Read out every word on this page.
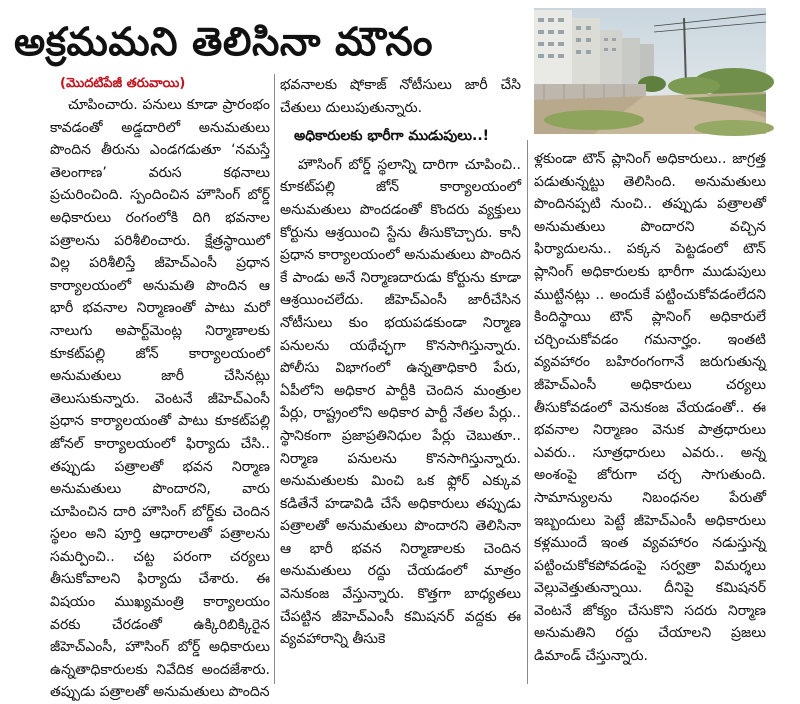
అక్రమమని తెలిసినా మౌనం
(మొదటిపేజీ తరువాయి)

చూపించారు. పనులు కూడా ప్రారంభం కావడంతో అడ్డదారిలో అనుమతులు పొందిన తీరును ఎండగడుతూ ‘నమస్తే తెలంగాణ’ వరుస కథనాలు ప్రచురించింది. స్పందించిన హౌసింగ్ బోర్డ్ అధికారులు రంగంలోకి దిగి భవనాల పత్రాలను పరిశీలించారు. క్షేత్రస్థాయిలో విల్ల పరిశీలిస్తే జీహెచ్‌ఎంసీ ప్రధాన కార్యాలయంలో అనుమతి పొందిన ఆ భారీ భవనాల నిర్మాణంతో పాటు మరో నాలుగు అపార్ట్‌మెంట్ల నిర్మాణాలకు కూకట్‌పల్లి జోన్ కార్యాలయంలో అనుమతులు జారీ చేసినట్లు తెలుసుకున్నారు. వెంటనే జీహెచ్‌ఎంసీ ప్రధాన కార్యాలయంతో పాటు కూకట్‌పల్లి జోనల్ కార్యాలయంలో ఫిర్యాదు చేసి.. తప్పుడు పత్రాలతో భవన నిర్మాణ అనుమతులు పొందారని, వారు చూపించిన దారి హౌసింగ్ బోర్డ్‌కు చెందిన స్థలం అని పూర్తి ఆధారాలతో పత్రాలను సమర్పించి.. చట్ట పరంగా చర్యలు తీసుకోవాలని ఫిర్యాదు చేశారు. ఈ విషయం ముఖ్యమంత్రి కార్యాలయం వరకు చేరడంతో ఉక్కిరిబిక్కిరైన జీహెచ్‌ఎంసీ, హౌసింగ్ బోర్డ్ అధికారులు ఉన్నతాధికారులకు నివేదిక అందజేశారు. తప్పుడు పత్రాలతో అనుమతులు పొందిన

భవనాలకు షోకాజ్ నోటీసులు జారీ చేసి చేతులు దులుపుతున్నారు.

అధికారులకు భారీగా ముడుపులు..!

హౌసింగ్ బోర్డ్ స్థలాన్ని దారిగా చూపించి.. కూకట్‌పల్లి జోన్ కార్యాలయంలో అనుమతులు పొందడంతో కొందరు వ్యక్తులు కోర్టును ఆశ్రయించి స్టేను తీసుకొచ్చారు. కానీ ప్రధాన కార్యాలయంలో అనుమతులు పొందిన కే పాండు అనే నిర్మాణదారుడు కోర్టును కూడా ఆశ్రయించలేదు. జీహెచ్‌ఎంసీ జారీచేసిన నోటీసులు కుం భయపడకుండా నిర్మాణ పనులను యథేచ్ఛగా కొనసాగిస్తున్నారు. పోలీసు విభాగంలో ఉన్నతాధికారి పేరు, ఏపీలోని అధికార పార్టీకి చెందిన మంత్రుల పేర్లు, రాష్ట్రంలోని అధికార పార్టీ నేతల పేర్లు.. స్థానికంగా ప్రజాప్రతినిధుల పేర్లు చెబుతూ.. నిర్మాణ పనులను కొనసాగిస్తున్నారు. అనుమతులకు మించి ఒక ఫ్లోర్ ఎక్కువ కడితేనే హడావిడి చేసే అధికారులు తప్పుడు పత్రాలతో అనుమతులు పొందారని తెలిసినా ఆ భారీ భవన నిర్మాణాలకు చెందిన అనుమతులు రద్దు చేయడంలో మాత్రం వెనుకంజ వేస్తున్నారు. కొత్తగా బాధ్యతలు చేపట్టిన జీహెచ్‌ఎంసీ కమిషనర్ వద్దకు ఈ వ్యవహారాన్ని తీసుకె

ళ్లకుండా టౌన్ ప్లానింగ్ అధికారులు.. జాగ్రత్త పడుతున్నట్టు తెలిసింది. అనుమతులు పొందినప్పటి నుంచి.. తప్పుడు పత్రాలతో అనుమతులు పొందారని వచ్చిన ఫిర్యాదులను.. పక్కన పెట్టడంలో టౌన్ ప్లానింగ్ అధికారులకు భారీగా ముడుపులు ముట్టినట్లు .. అందుకే పట్టించుకోవడంలేదని కిందిస్థాయి టౌన్ ప్లానింగ్ అధికారులే చర్చించుకోవడం గమనార్హం. ఇంతటి వ్యవహారం బహిరంగంగానే జరుగుతున్న జీహెచ్‌ఎంసీ అధికారులు చర్యలు తీసుకోవడంలో వెనుకంజ వేయడంతో.. ఈ భవనాల నిర్మాణం వెనుక పాత్రధారులు ఎవరు.. సూత్రధారులు ఎవరు.. అన్న అంశంపై జోరుగా చర్చ సాగుతుంది. సామాన్యులను నిబంధనల పేరుతో ఇబ్బందులు పెట్టే జీహెచ్‌ఎంసీ అధికారులు కళ్లముందే ఇంత వ్యవహారం నడుస్తున్న పట్టించుకోకపోవడంపై సర్వత్రా విమర్శలు వెల్లువెత్తుతున్నాయి. దీనిపై కమిషనర్ వెంటనే జోక్యం చేసుకొని సదరు నిర్మాణ అనుమతిని రద్దు చేయాలని ప్రజలు డిమాండ్ చేస్తున్నారు.
